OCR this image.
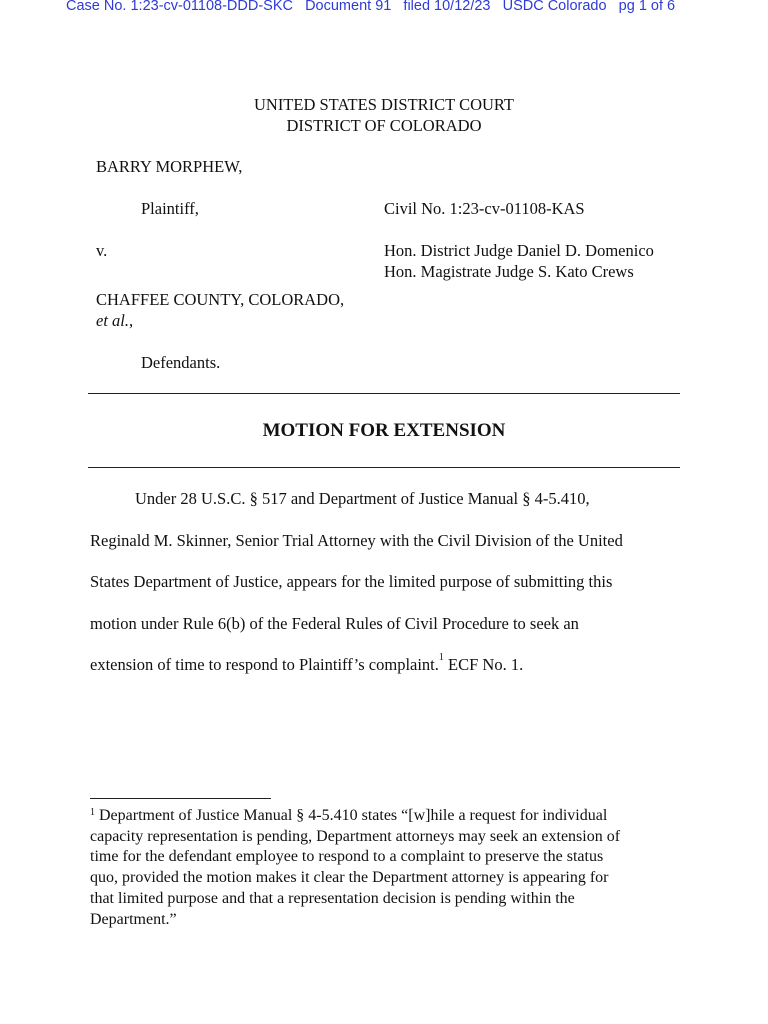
Case No. 1:23-cv-01108-DDD-SKC Document 91 filed 10/12/23 USDC Colorado pg 1 of 6
UNITED STATES DISTRICT COURT
DISTRICT OF COLORADO
BARRY MORPHEW,
Plaintiff,
v.
CHAFFEE COUNTY, COLORADO,
et al.,
Defendants.
Civil No. 1:23-cv-01108-KAS
Hon. District Judge Daniel D. Domenico
Hon. Magistrate Judge S. Kato Crews
MOTION FOR EXTENSION
Under 28 U.S.C. § 517 and Department of Justice Manual § 4-5.410,
Reginald M. Skinner, Senior Trial Attorney with the Civil Division of the United
States Department of Justice, appears for the limited purpose of submitting this
motion under Rule 6(b) of the Federal Rules of Civil Procedure to seek an
extension of time to respond to Plaintiff’s complaint.$^1$ ECF No. 1.
$^1$ Department of Justice Manual § 4-5.410 states “[w]hile a request for individual
capacity representation is pending, Department attorneys may seek an extension of
time for the defendant employee to respond to a complaint to preserve the status
quo, provided the motion makes it clear the Department attorney is appearing for
that limited purpose and that a representation decision is pending within the
Department.”
